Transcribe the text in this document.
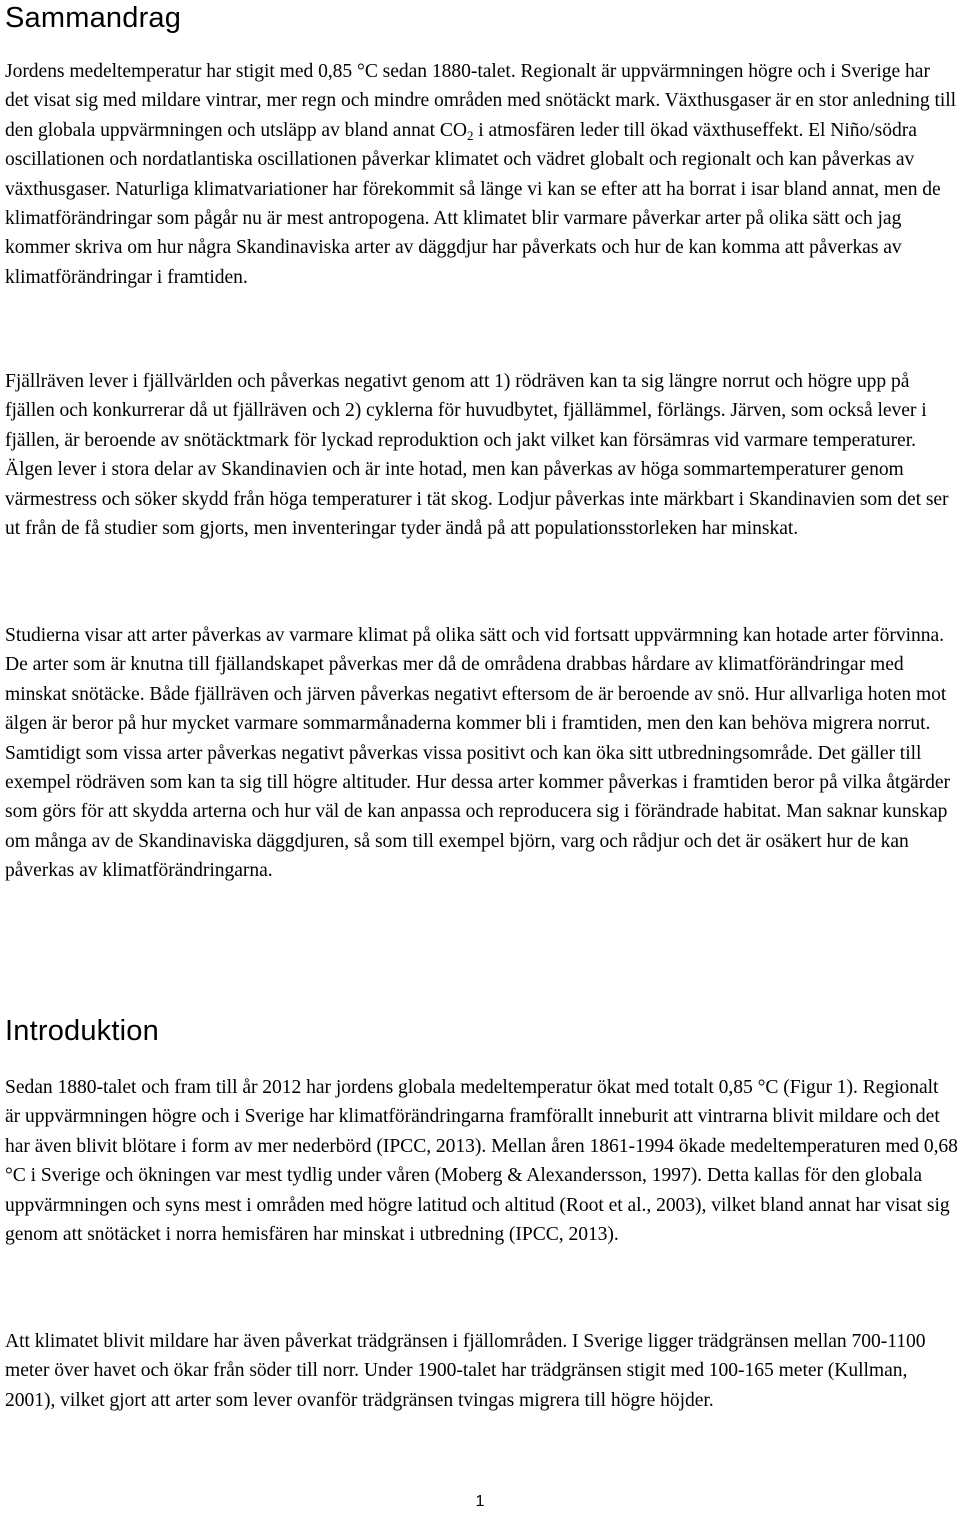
Sammandrag

Jordens medeltemperatur har stigit med 0,85 °C sedan 1880-talet. Regionalt är uppvärmningen högre och i Sverige har det visat sig med mildare vintrar, mer regn och mindre områden med snötäckt mark. Växthusgaser är en stor anledning till den globala uppvärmningen och utsläpp av bland annat $CO_2$ i atmosfären leder till ökad växthuseffekt. El Niño/södra oscillationen och nordatlantiska oscillationen påverkar klimatet och vädret globalt och regionalt och kan påverkas av växthusgaser. Naturliga klimatvariationer har förekommit så länge vi kan se efter att ha borrat i isar bland annat, men de klimatförändringar som pågår nu är mest antropogena. Att klimatet blir varmare påverkar arter på olika sätt och jag kommer skriva om hur några Skandinaviska arter av däggdjur har påverkats och hur de kan komma att påverkas av klimatförändringar i framtiden.

Fjällräven lever i fjällvärlden och påverkas negativt genom att 1) rödräven kan ta sig längre norrut och högre upp på fjällen och konkurrerar då ut fjällräven och 2) cyklerna för huvudbytet, fjällämmel, förlängs. Järven, som också lever i fjällen, är beroende av snötäcktmark för lyckad reproduktion och jakt vilket kan försämras vid varmare temperaturer. Älgen lever i stora delar av Skandinavien och är inte hotad, men kan påverkas av höga sommartemperaturer genom värmestress och söker skydd från höga temperaturer i tät skog. Lodjur påverkas inte märkbart i Skandinavien som det ser ut från de få studier som gjorts, men inventeringar tyder ändå på att populationsstorleken har minskat.

Studierna visar att arter påverkas av varmare klimat på olika sätt och vid fortsatt uppvärmning kan hotade arter förvinna. De arter som är knutna till fjällandskapet påverkas mer då de områdena drabbas hårdare av klimatförändringar med minskat snötäcke. Både fjällräven och järven påverkas negativt eftersom de är beroende av snö. Hur allvarliga hoten mot älgen är beror på hur mycket varmare sommarmånaderna kommer bli i framtiden, men den kan behöva migrera norrut. Samtidigt som vissa arter påverkas negativt påverkas vissa positivt och kan öka sitt utbredningsområde. Det gäller till exempel rödräven som kan ta sig till högre altituder. Hur dessa arter kommer påverkas i framtiden beror på vilka åtgärder som görs för att skydda arterna och hur väl de kan anpassa och reproducera sig i förändrade habitat. Man saknar kunskap om många av de Skandinaviska däggdjuren, så som till exempel björn, varg och rådjur och det är osäkert hur de kan påverkas av klimatförändringarna.

Introduktion

Sedan 1880-talet och fram till år 2012 har jordens globala medeltemperatur ökat med totalt 0,85 °C (Figur 1). Regionalt är uppvärmningen högre och i Sverige har klimatförändringarna framförallt inneburit att vintrarna blivit mildare och det har även blivit blötare i form av mer nederbörd (IPCC, 2013). Mellan åren 1861-1994 ökade medeltemperaturen med 0,68 °C i Sverige och ökningen var mest tydlig under våren (Moberg & Alexandersson, 1997). Detta kallas för den globala uppvärmningen och syns mest i områden med högre latitud och altitud (Root et al., 2003), vilket bland annat har visat sig genom att snötäcket i norra hemisfären har minskat i utbredning (IPCC, 2013).

Att klimatet blivit mildare har även påverkat trädgränsen i fjällområden. I Sverige ligger trädgränsen mellan 700-1100 meter över havet och ökar från söder till norr. Under 1900-talet har trädgränsen stigit med 100-165 meter (Kullman, 2001), vilket gjort att arter som lever ovanför trädgränsen tvingas migrera till högre höjder.

1
